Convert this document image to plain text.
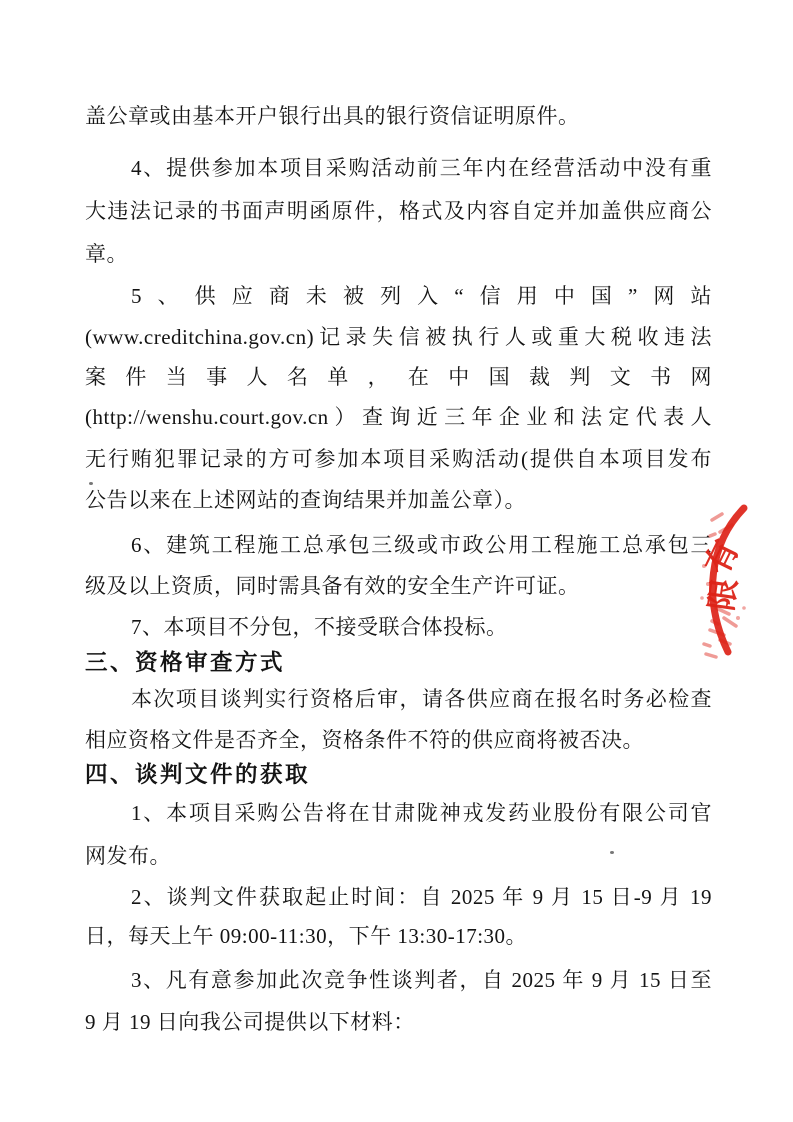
盖公章或由基本开户银行出具的银行资信证明原件。

4、提供参加本项目采购活动前三年内在经营活动中没有重

大违法记录的书面声明函原件，格式及内容自定并加盖供应商公

章。

5、供应商未被列入“信用中国”网站

(www.creditchina.gov.cn)记录失信被执行人或重大税收违法

案件当事人名单，在中国裁判文书网

(http://wenshu.court.gov.cn）查询近三年企业和法定代表人

无行贿犯罪记录的方可参加本项目采购活动(提供自本项目发布

公告以来在上述网站的查询结果并加盖公章）。

6、建筑工程施工总承包三级或市政公用工程施工总承包三

级及以上资质，同时需具备有效的安全生产许可证。

7、本项目不分包，不接受联合体投标。

三、资格审查方式

本次项目谈判实行资格后审，请各供应商在报名时务必检查

相应资格文件是否齐全，资格条件不符的供应商将被否决。

四、谈判文件的获取

1、本项目采购公告将在甘肃陇神戎发药业股份有限公司官

网发布。

2、谈判文件获取起止时间：自 2025 年 9 月 15 日-9 月 19

日，每天上午 09:00-11:30，下午 13:30-17:30。

3、凡有意参加此次竞争性谈判者，自 2025 年 9 月 15 日至

9 月 19 日向我公司提供以下材料：

有
限
